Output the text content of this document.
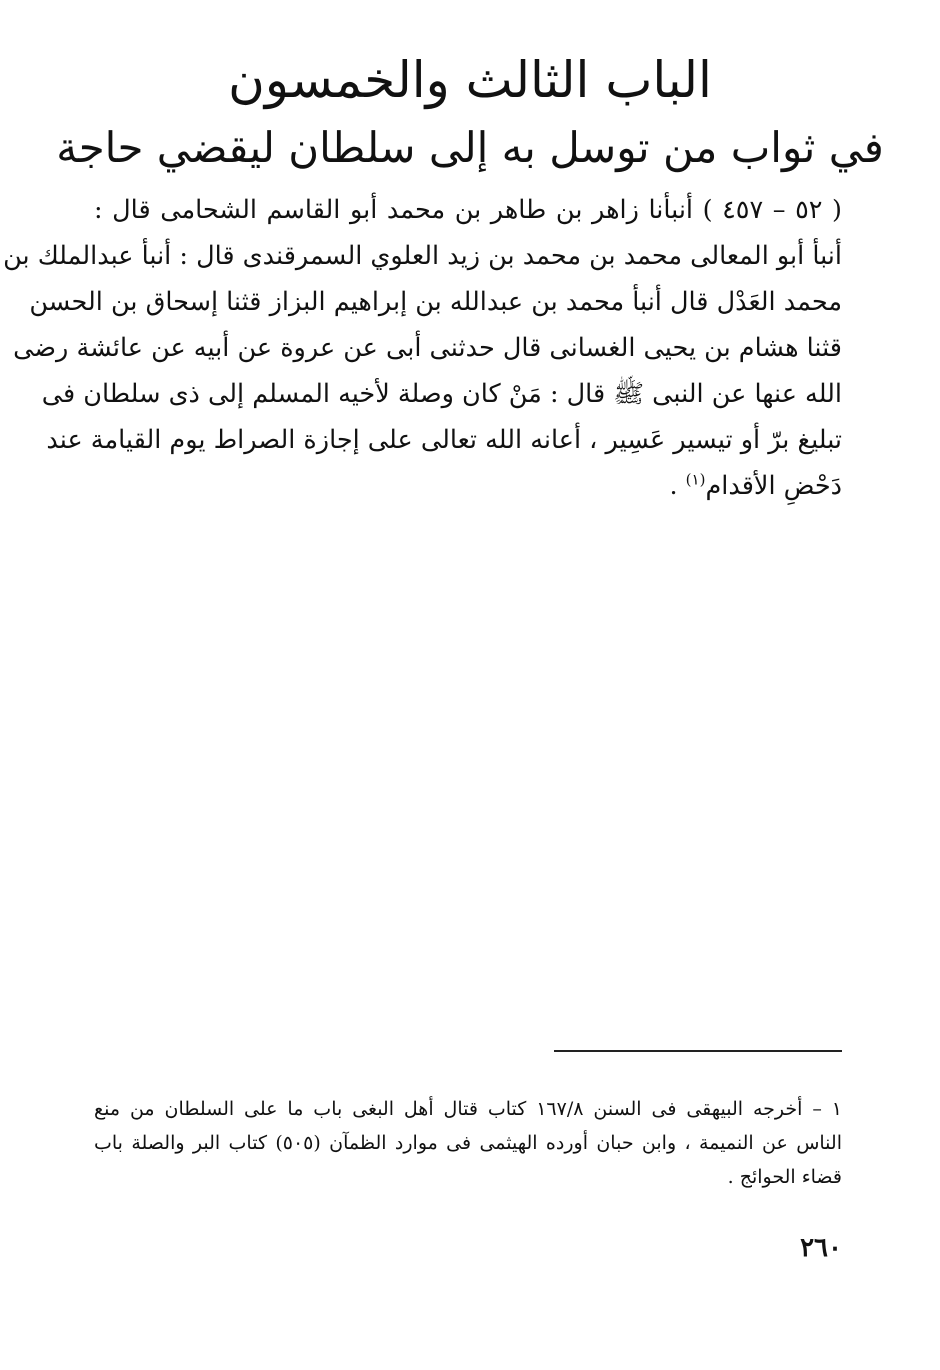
الباب الثالث والخمسون
في ثواب من توسل به إلى سلطان ليقضي حاجة
( ٥٢ – ٤٥٧ ) أنبأنا زاهر بن طاهر بن محمد أبو القاسم الشحامى قال :
أنبأ أبو المعالى محمد بن محمد بن زيد العلوي السمرقندى قال : أنبأ عبدالملك بن
محمد العَدْل قال أنبأ محمد بن عبدالله بن إبراهيم البزاز قثنا إسحاق بن الحسن
قثنا هشام بن يحيى الغسانى قال حدثنى أبى عن عروة عن أبيه عن عائشة رضى
الله عنها عن النبى ﷺ قال : مَنْ كان وصلة لأخيه المسلم إلى ذى سلطان فى
تبليغ برّ أو تيسير عَسِير ، أعانه الله تعالى على إجازة الصراط يوم القيامة عند
دَحْضِ الأقدام$^{(١)}$ .
١ – أخرجه البيهقى فى السنن ١٦٧/٨ كتاب قتال أهل البغى باب ما على السلطان من منع
الناس عن النميمة ، وابن حبان أورده الهيثمى فى موارد الظمآن (٥٠٥) كتاب البر والصلة باب
قضاء الحوائج .
٢٦٠
